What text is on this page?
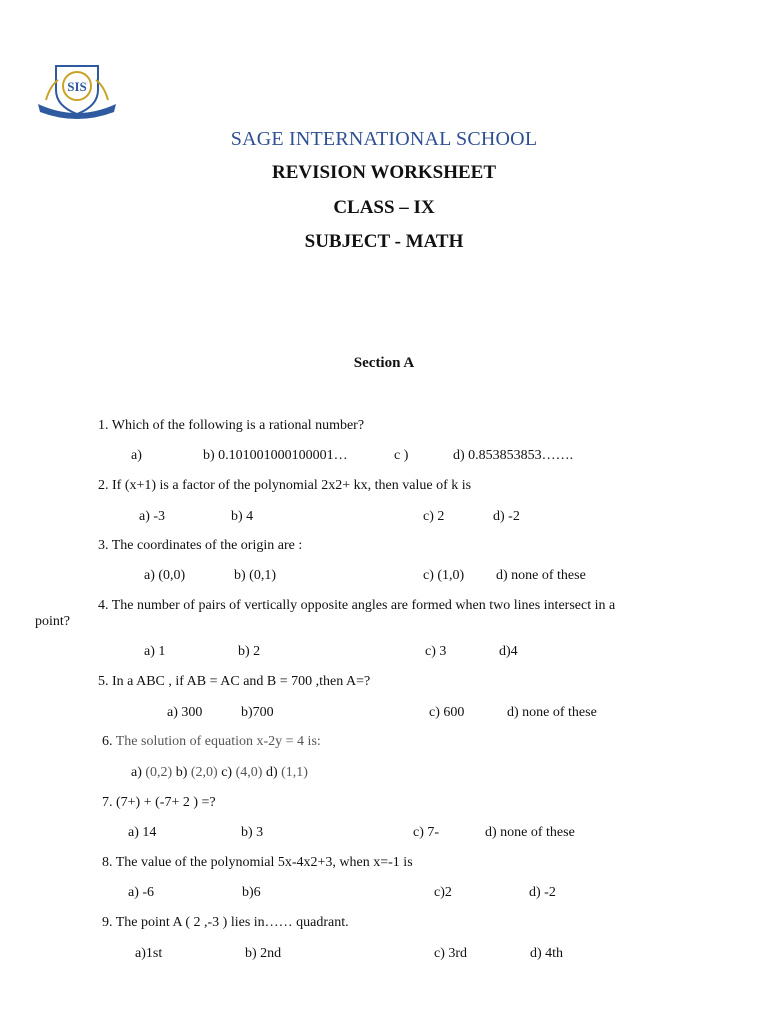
SIS
SAGE INTERNATIONAL SCHOOL
REVISION WORKSHEET
CLASS – IX
SUBJECT - MATH
Section A
1. Which of the following is a rational number?
a)	b) 0.101001000100001…	c )	d) 0.853853853…….
2. If (x+1) is a factor of the polynomial 2x2+ kx, then value of k is
a) -3	b) 4	c) 2	d) -2
3. The coordinates of the origin are :
a) (0,0)	b) (0,1)	c) (1,0) d) none of these
4. The number of pairs of vertically opposite angles are formed when two lines intersect in a
point?
a) 1	b) 2	c) 3	d)4
5. In a ABC , if AB = AC and B = 700 ,then A=?
a) 300	b)700	c) 600	d) none of these
6. The solution of equation x-2y = 4 is:
a) (0,2) b) (2,0) c) (4,0) d) (1,1)
7. (7+) + (-7+ 2 ) =?
a) 14	b) 3	c) 7-	d) none of these
8. The value of the polynomial 5x-4x2+3, when x=-1 is
a) -6	b)6	c)2	d) -2
9. The point A ( 2 ,-3 ) lies in…… quadrant.
a)1st	b) 2nd	c) 3rd	d) 4th
